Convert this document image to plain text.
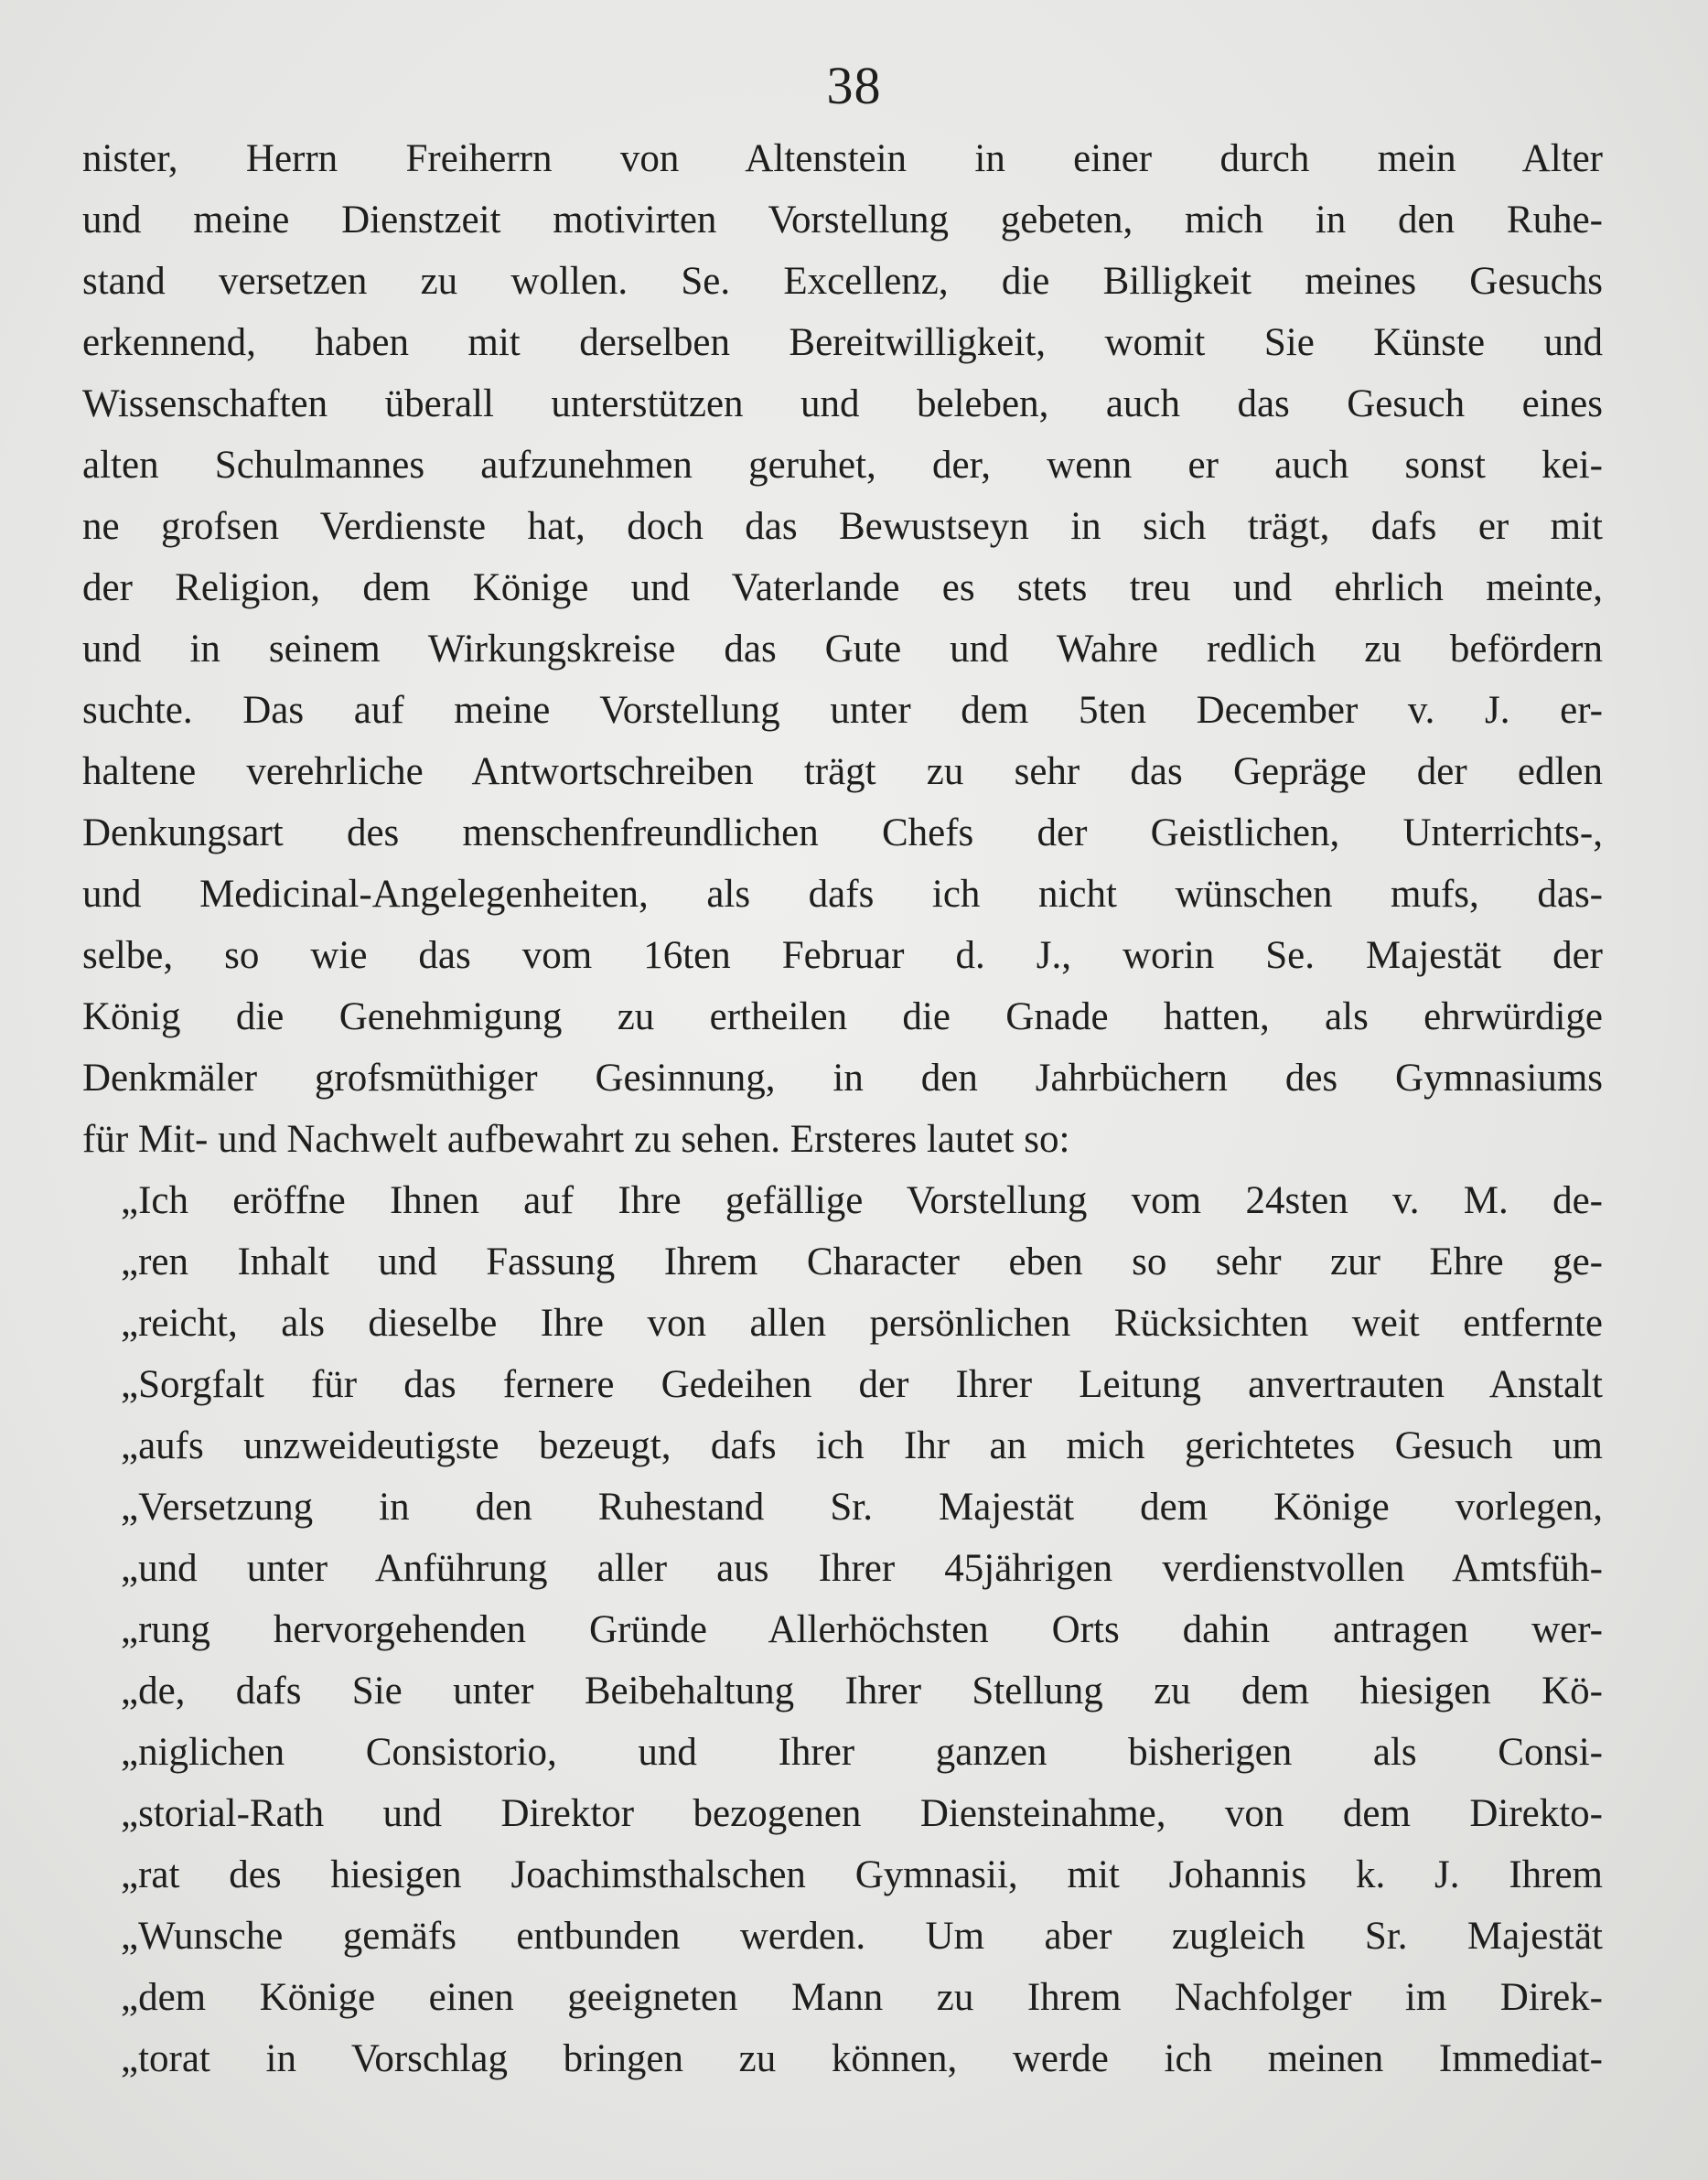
38
nister, Herrn Freiherrn von Altenstein in einer durch mein Alter
und meine Dienstzeit motivirten Vorstellung gebeten, mich in den Ruhe-
stand versetzen zu wollen. Se. Excellenz, die Billigkeit meines Gesuchs
erkennend, haben mit derselben Bereitwilligkeit, womit Sie Künste und
Wissenschaften überall unterstützen und beleben, auch das Gesuch eines
alten Schulmannes aufzunehmen geruhet, der, wenn er auch sonst kei-
ne grofsen Verdienste hat, doch das Bewustseyn in sich trägt, dafs er mit
der Religion, dem Könige und Vaterlande es stets treu und ehrlich meinte,
und in seinem Wirkungskreise das Gute und Wahre redlich zu befördern
suchte. Das auf meine Vorstellung unter dem 5ten December v. J. er-
haltene verehrliche Antwortschreiben trägt zu sehr das Gepräge der edlen
Denkungsart des menschenfreundlichen Chefs der Geistlichen, Unterrichts-,
und Medicinal-Angelegenheiten, als dafs ich nicht wünschen mufs, das-
selbe, so wie das vom 16ten Februar d. J., worin Se. Majestät der
König die Genehmigung zu ertheilen die Gnade hatten, als ehrwürdige
Denkmäler grofsmüthiger Gesinnung, in den Jahrbüchern des Gymnasiums
für Mit- und Nachwelt aufbewahrt zu sehen. Ersteres lautet so:
„Ich eröffne Ihnen auf Ihre gefällige Vorstellung vom 24sten v. M. de-
„ren Inhalt und Fassung Ihrem Character eben so sehr zur Ehre ge-
„reicht, als dieselbe Ihre von allen persönlichen Rücksichten weit entfernte
„Sorgfalt für das fernere Gedeihen der Ihrer Leitung anvertrauten Anstalt
„aufs unzweideutigste bezeugt, dafs ich Ihr an mich gerichtetes Gesuch um
„Versetzung in den Ruhestand Sr. Majestät dem Könige vorlegen,
„und unter Anführung aller aus Ihrer 45jährigen verdienstvollen Amtsfüh-
„rung hervorgehenden Gründe Allerhöchsten Orts dahin antragen wer-
„de, dafs Sie unter Beibehaltung Ihrer Stellung zu dem hiesigen Kö-
„niglichen Consistorio, und Ihrer ganzen bisherigen als Consi-
„storial-Rath und Direktor bezogenen Diensteinahme, von dem Direkto-
„rat des hiesigen Joachimsthalschen Gymnasii, mit Johannis k. J. Ihrem
„Wunsche gemäfs entbunden werden. Um aber zugleich Sr. Majestät
„dem Könige einen geeigneten Mann zu Ihrem Nachfolger im Direk-
„torat in Vorschlag bringen zu können, werde ich meinen Immediat-
